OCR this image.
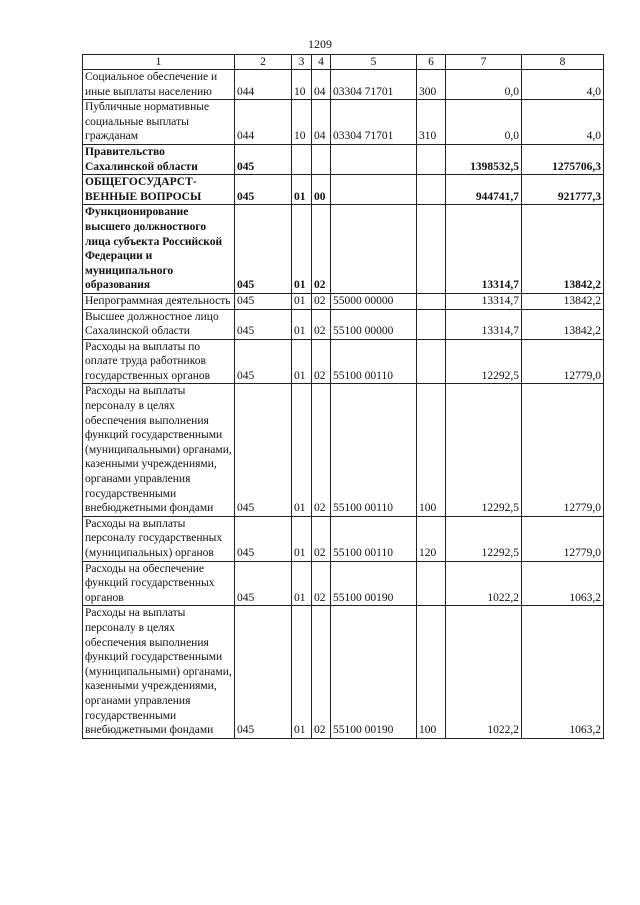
1209
1	2	3	4	5	6	7	8
Социальное обеспечение и иные выплаты населению	044	10	04	03304 71701	300	0,0	4,0
Публичные нормативные социальные выплаты гражданам	044	10	04	03304 71701	310	0,0	4,0
Правительство Сахалинской области	045					1398532,5	1275706,3
ОБЩЕГОСУДАРСТ-ВЕННЫЕ ВОПРОСЫ	045	01	00			944741,7	921777,3
Функционирование высшего должностного лица субъекта Российской Федерации и муниципального образования	045	01	02			13314,7	13842,2
Непрограммная деятельность	045	01	02	55000 00000		13314,7	13842,2
Высшее должностное лицо Сахалинской области	045	01	02	55100 00000		13314,7	13842,2
Расходы на выплаты по оплате труда работников государственных органов	045	01	02	55100 00110		12292,5	12779,0
Расходы на выплаты персоналу в целях обеспечения выполнения функций государственными (муниципальными) органами, казенными учреждениями, органами управления государственными внебюджетными фондами	045	01	02	55100 00110	100	12292,5	12779,0
Расходы на выплаты персоналу государственных (муниципальных) органов	045	01	02	55100 00110	120	12292,5	12779,0
Расходы на обеспечение функций государственных органов	045	01	02	55100 00190		1022,2	1063,2
Расходы на выплаты персоналу в целях обеспечения выполнения функций государственными (муниципальными) органами, казенными учреждениями, органами управления государственными внебюджетными фондами	045	01	02	55100 00190	100	1022,2	1063,2
